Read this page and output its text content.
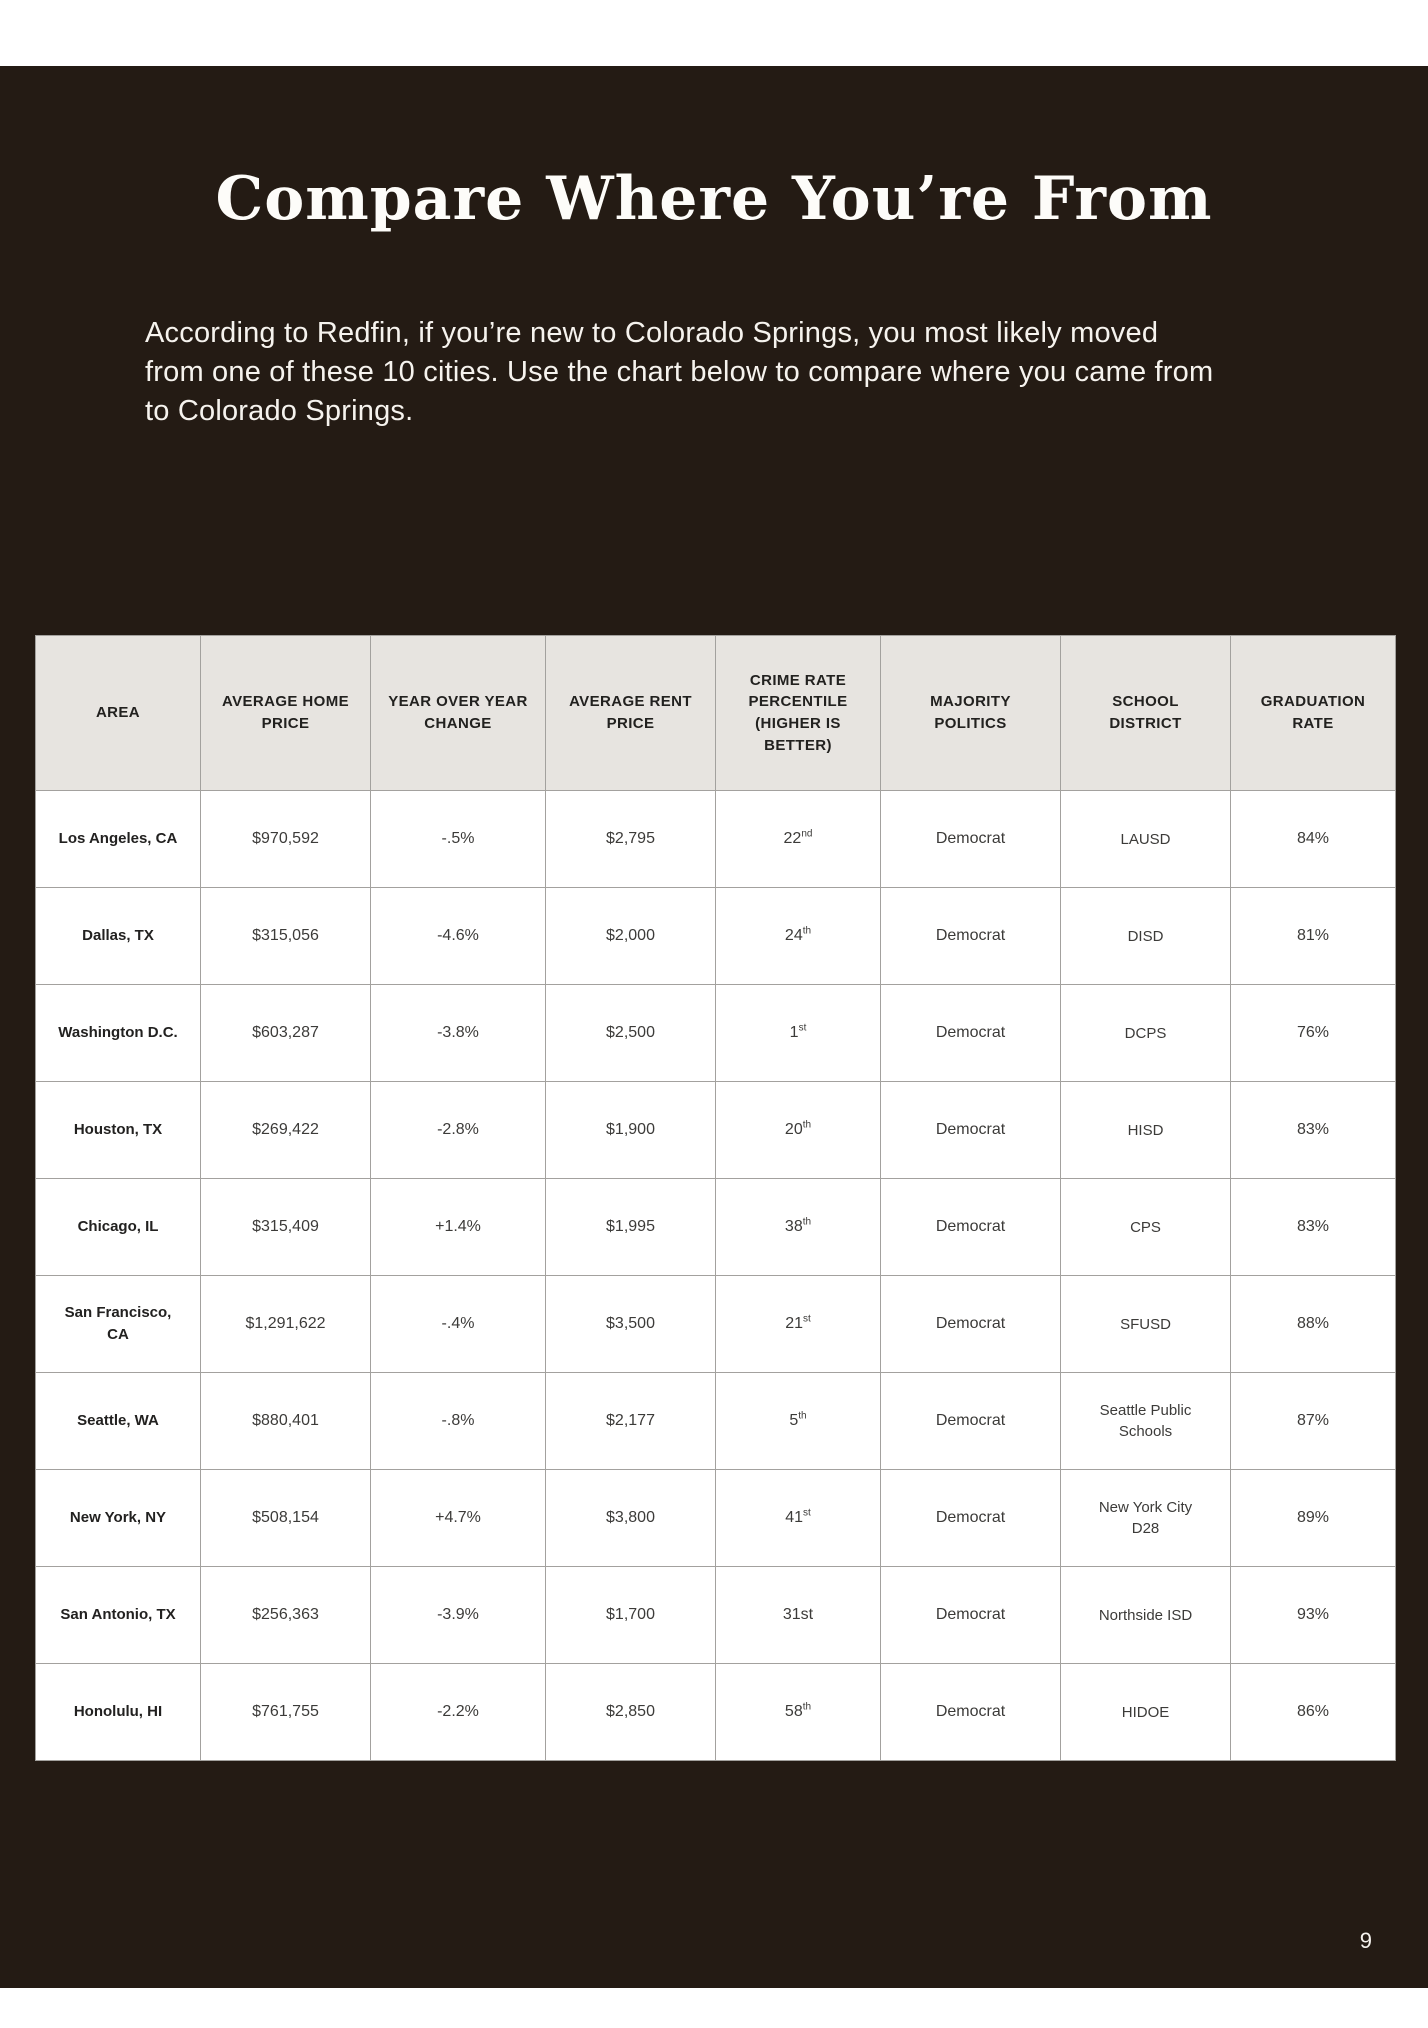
Compare Where You’re From

According to Redfin, if you’re new to Colorado Springs, you most likely moved from one of these 10 cities. Use the chart below to compare where you came from to Colorado Springs.

AREA	AVERAGE HOME PRICE	YEAR OVER YEAR CHANGE	AVERAGE RENT PRICE	CRIME RATE PERCENTILE (HIGHER IS BETTER)	MAJORITY POLITICS	SCHOOL DISTRICT	GRADUATION RATE
Los Angeles, CA	$970,592	-.5%	$2,795	22nd	Democrat	LAUSD	84%
Dallas, TX	$315,056	-4.6%	$2,000	24th	Democrat	DISD	81%
Washington D.C.	$603,287	-3.8%	$2,500	1st	Democrat	DCPS	76%
Houston, TX	$269,422	-2.8%	$1,900	20th	Democrat	HISD	83%
Chicago, IL	$315,409	+1.4%	$1,995	38th	Democrat	CPS	83%
San Francisco, CA	$1,291,622	-.4%	$3,500	21st	Democrat	SFUSD	88%
Seattle, WA	$880,401	-.8%	$2,177	5th	Democrat	Seattle Public Schools	87%
New York, NY	$508,154	+4.7%	$3,800	41st	Democrat	New York City D28	89%
San Antonio, TX	$256,363	-3.9%	$1,700	31st	Democrat	Northside ISD	93%
Honolulu, HI	$761,755	-2.2%	$2,850	58th	Democrat	HIDOE	86%
9
